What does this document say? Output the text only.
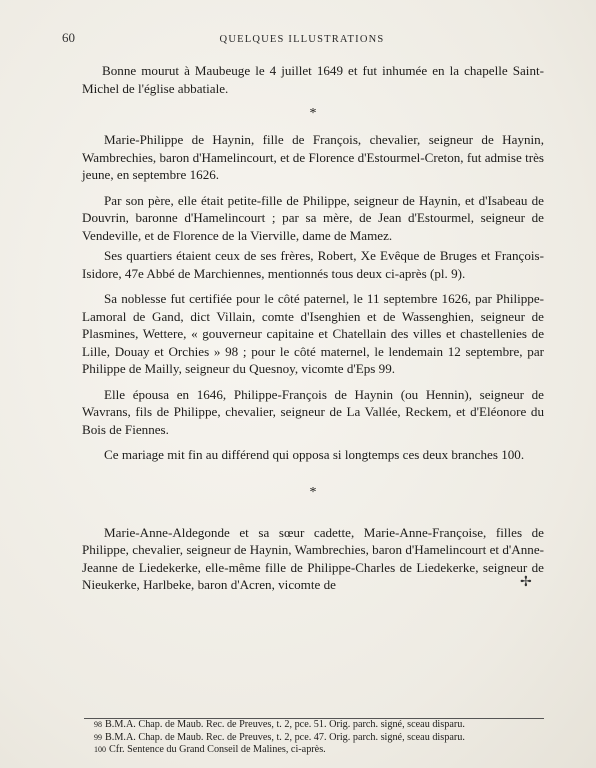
60	QUELQUES ILLUSTRATIONS

Bonne mourut à Maubeuge le 4 juillet 1649 et fut inhumée en la chapelle Saint-Michel de l'église abbatiale.

*

Marie-Philippe de Haynin, fille de François, chevalier, seigneur de Haynin, Wambrechies, baron d'Hamelincourt, et de Florence d'Estourmel-Creton, fut admise très jeune, en septembre 1626.

Par son père, elle était petite-fille de Philippe, seigneur de Haynin, et d'Isabeau de Douvrin, baronne d'Hamelincourt ; par sa mère, de Jean d'Estourmel, seigneur de Vendeville, et de Florence de la Vierville, dame de Mamez.

Ses quartiers étaient ceux de ses frères, Robert, Xe Evêque de Bruges et François-Isidore, 47e Abbé de Marchiennes, mentionnés tous deux ci-après (pl. 9).

Sa noblesse fut certifiée pour le côté paternel, le 11 septembre 1626, par Philippe-Lamoral de Gand, dict Villain, comte d'Isenghien et de Wassenghien, seigneur de Plasmines, Wettere, « gouverneur capitaine et Chatellain des villes et chastellenies de Lille, Douay et Orchies » 98 ; pour le côté maternel, le lendemain 12 septembre, par Philippe de Mailly, seigneur du Quesnoy, vicomte d'Eps 99.

Elle épousa en 1646, Philippe-François de Haynin (ou Hennin), seigneur de Wavrans, fils de Philippe, chevalier, seigneur de La Vallée, Reckem, et d'Eléonore du Bois de Fiennes.

Ce mariage mit fin au différend qui opposa si longtemps ces deux branches 100.

*

Marie-Anne-Aldegonde et sa sœur cadette, Marie-Anne-Françoise, filles de Philippe, chevalier, seigneur de Haynin, Wambrechies, baron d'Hamelincourt et d'Anne-Jeanne de Liedekerke, elle-même fille de Philippe-Charles de Liedekerke, seigneur de Nieukerke, Harlbeke, baron d'Acren, vicomte de	✢
$^{98}$ B.M.A. Chap. de Maub. Rec. de Preuves, t. 2, pce. 51. Orig. parch. signé, sceau disparu.
$^{99}$ B.M.A. Chap. de Maub. Rec. de Preuves, t. 2, pce. 47. Orig. parch. signé, sceau disparu.
$^{100}$ Cfr. Sentence du Grand Conseil de Malines, ci-après.
